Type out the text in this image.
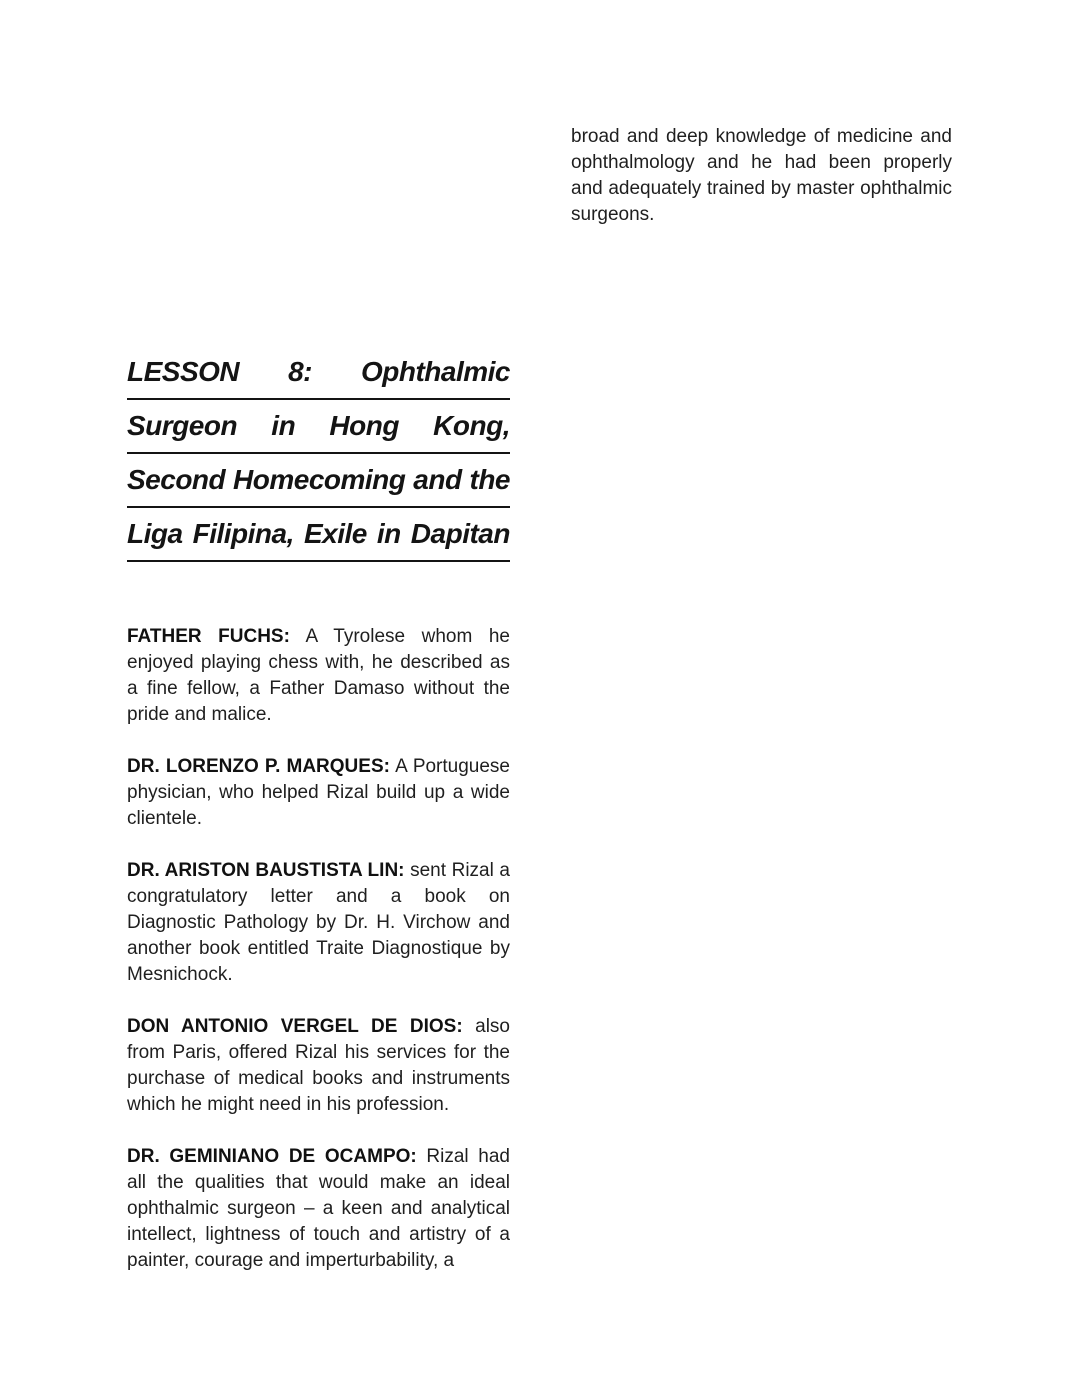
broad and deep knowledge of medicine and ophthalmology and he had been properly and adequately trained by master ophthalmic surgeons.

LESSON 8: Ophthalmic
Surgeon in Hong Kong,
Second Homecoming and the
Liga Filipina, Exile in Dapitan

FATHER FUCHS: A Tyrolese whom he enjoyed playing chess with, he described as a fine fellow, a Father Damaso without the pride and malice.

DR. LORENZO P. MARQUES: A Portuguese physician, who helped Rizal build up a wide clientele.

DR. ARISTON BAUSTISTA LIN: sent Rizal a congratulatory letter and a book on Diagnostic Pathology by Dr. H. Virchow and another book entitled Traite Diagnostique by Mesnichock.

DON ANTONIO VERGEL DE DIOS: also from Paris, offered Rizal his services for the purchase of medical books and instruments which he might need in his profession.

DR. GEMINIANO DE OCAMPO: Rizal had all the qualities that would make an ideal ophthalmic surgeon – a keen and analytical intellect, lightness of touch and artistry of a painter, courage and imperturbability, a
